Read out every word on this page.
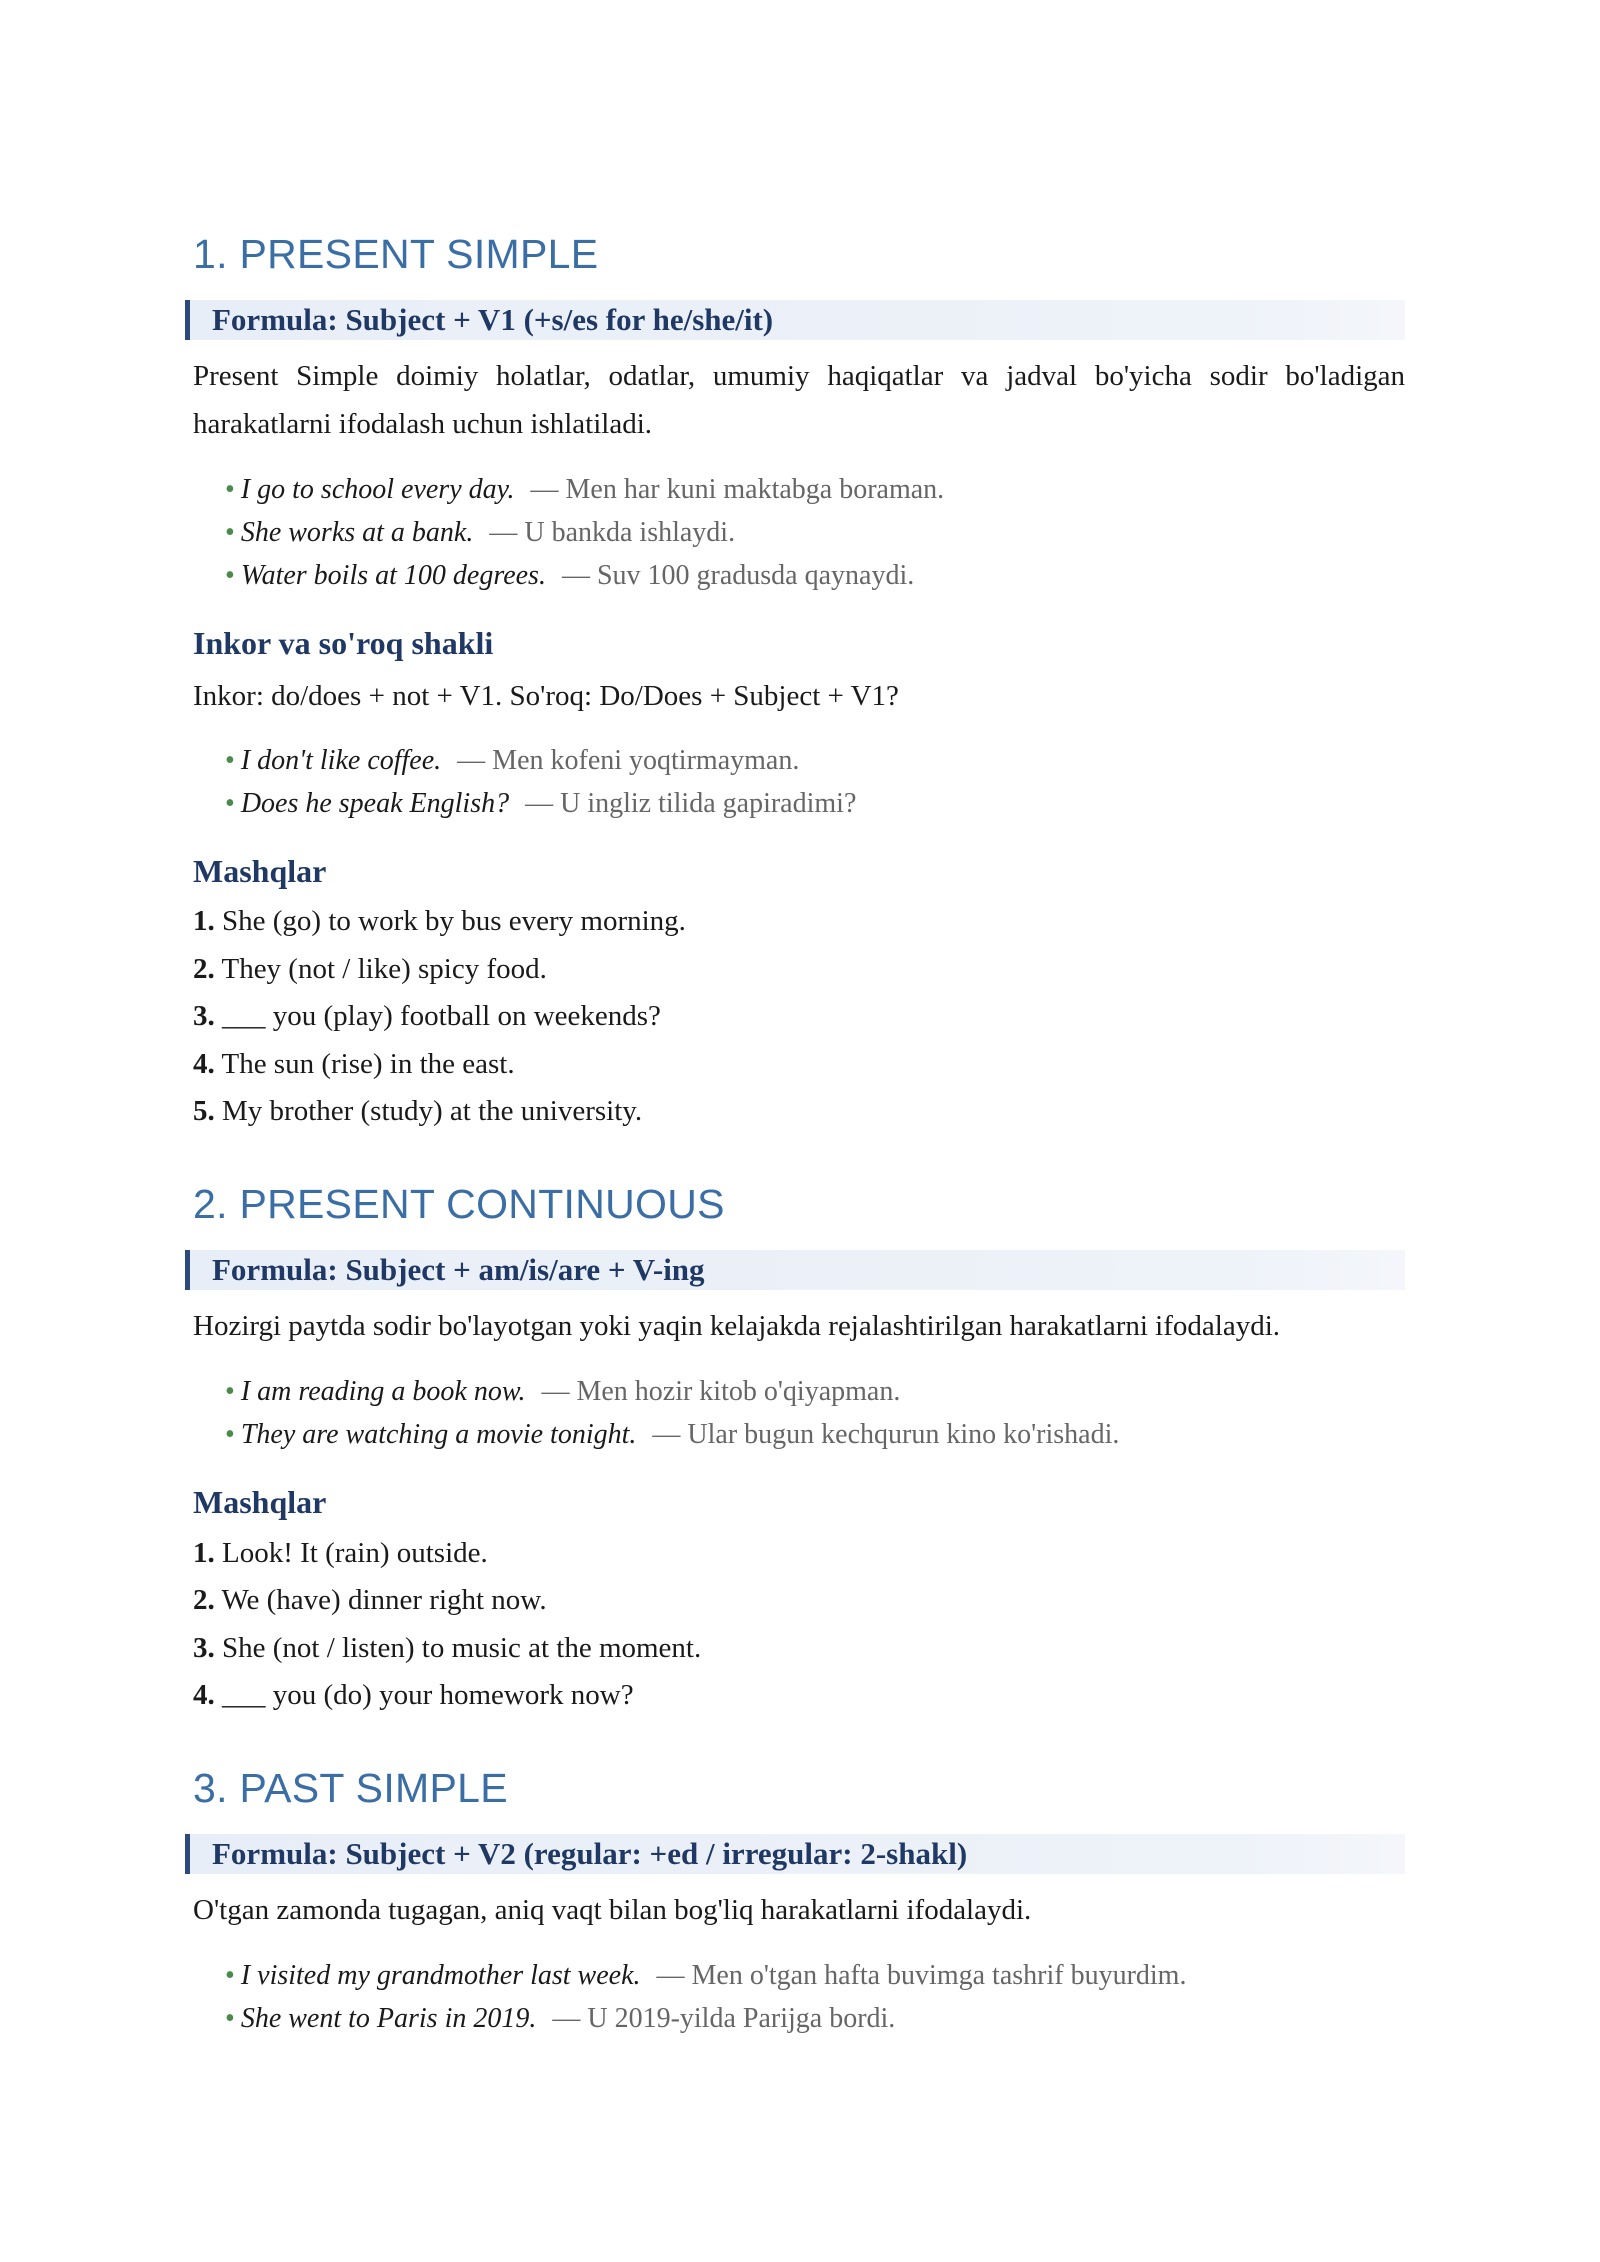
1. PRESENT SIMPLE
Formula: Subject + V1 (+s/es for he/she/it)

Present Simple doimiy holatlar, odatlar, umumiy haqiqatlar va jadval bo'yicha sodir bo'ladigan harakatlarni ifodalash uchun ishlatiladi.

• I go to school every day. — Men har kuni maktabga boraman.
• She works at a bank. — U bankda ishlaydi.
• Water boils at 100 degrees. — Suv 100 gradusda qaynaydi.
Inkor va so'roq shakli

Inkor: do/does + not + V1. So'roq: Do/Does + Subject + V1?

• I don't like coffee. — Men kofeni yoqtirmayman.
• Does he speak English? — U ingliz tilida gapiradimi?
Mashqlar
1. She (go) to work by bus every morning.
2. They (not / like) spicy food.
3. ___ you (play) football on weekends?
4. The sun (rise) in the east.
5. My brother (study) at the university.
2. PRESENT CONTINUOUS
Formula: Subject + am/is/are + V-ing

Hozirgi paytda sodir bo'layotgan yoki yaqin kelajakda rejalashtirilgan harakatlarni ifodalaydi.

• I am reading a book now. — Men hozir kitob o'qiyapman.
• They are watching a movie tonight. — Ular bugun kechqurun kino ko'rishadi.
Mashqlar
1. Look! It (rain) outside.
2. We (have) dinner right now.
3. She (not / listen) to music at the moment.
4. ___ you (do) your homework now?
3. PAST SIMPLE
Formula: Subject + V2 (regular: +ed / irregular: 2-shakl)

O'tgan zamonda tugagan, aniq vaqt bilan bog'liq harakatlarni ifodalaydi.

• I visited my grandmother last week. — Men o'tgan hafta buvimga tashrif buyurdim.
• She went to Paris in 2019. — U 2019-yilda Parijga bordi.
